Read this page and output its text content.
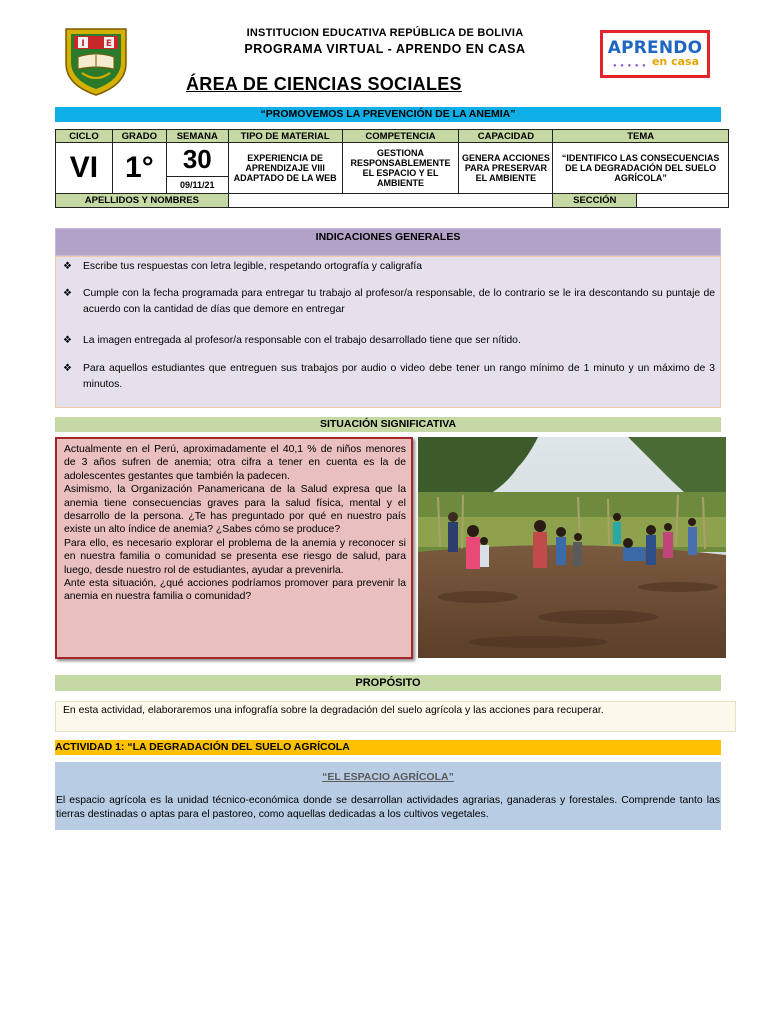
I E
INSTITUCION EDUCATIVA REPÚBLICA DE BOLIVIA
PROGRAMA VIRTUAL - APRENDO EN CASA
ÁREA DE CIENCIAS SOCIALES
APRENDO
en casa
● ● ● ● ●
“PROMOVEMOS LA PREVENCIÓN DE LA ANEMIA”
CICLO	GRADO	SEMANA	TIPO DE MATERIAL	COMPETENCIA	CAPACIDAD	TEMA	
VI	1°	30	EXPERIENCIA DE APRENDIZAJE VIII ADAPTADO DE LA WEB	GESTIONA RESPONSABLEMENTE EL ESPACIO Y EL AMBIENTE	GENERA ACCIONES PARA PRESERVAR EL AMBIENTE	“IDENTIFICO LAS CONSECUENCIAS DE LA DEGRADACIÓN DEL SUELO AGRÍCOLA”	
		09/11/21					
APELLIDOS Y NOMBRES						SECCIÓN	
INDICACIONES GENERALES
❖	Escribe tus respuestas con letra legible, respetando ortografía y caligrafía
❖	Cumple con la fecha programada para entregar tu trabajo al profesor/a responsable, de lo contrario se le ira descontando su puntaje de acuerdo con la cantidad de días que demore en entregar
❖	La imagen entregada al profesor/a responsable con el trabajo desarrollado tiene que ser nítido.
❖	Para aquellos estudiantes que entreguen sus trabajos por audio o video debe tener un rango mínimo de 1 minuto y un máximo de 3 minutos.
SITUACIÓN SIGNIFICATIVA
Actualmente en el Perú, aproximadamente el 40,1 % de niños menores de 3 años sufren de anemia; otra cifra a tener en cuenta es la de adolescentes gestantes que también la padecen.
Asimismo, la Organización Panamericana de la Salud expresa que la anemia tiene consecuencias graves para la salud física, mental y el desarrollo de la persona. ¿Te has preguntado por qué en nuestro país existe un alto índice de anemia? ¿Sabes cómo se produce?
Para ello, es necesario explorar el problema de la anemia y reconocer si en nuestra familia o comunidad se presenta ese riesgo de salud, para luego, desde nuestro rol de estudiantes, ayudar a prevenirla.
Ante esta situación, ¿qué acciones podríamos promover para prevenir la anemia en nuestra familia o comunidad?
PROPÓSITO
En esta actividad, elaboraremos una infografía sobre la degradación del suelo agrícola y las acciones para recuperar.
ACTIVIDAD 1: “LA DEGRADACIÓN DEL SUELO AGRÍCOLA
“EL ESPACIO AGRÍCOLA”
El espacio agrícola es la unidad técnico-económica donde se desarrollan actividades agrarias, ganaderas y forestales. Comprende tanto las tierras destinadas o aptas para el pastoreo, como aquellas dedicadas a los cultivos vegetales.
